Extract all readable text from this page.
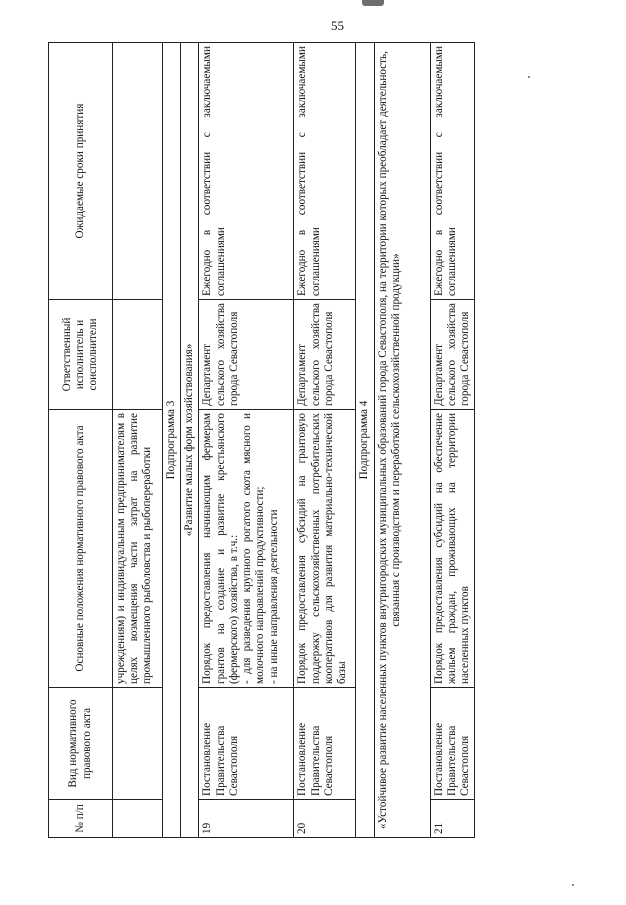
55
№ п/п	Вид нормативного правового акта	Основные положения нормативного правового акта	Ответственный исполнитель и соисполнители	Ожидаемые сроки принятия
		учреждениям) и индивидуальным предпринимателям в целях возмещения части затрат на развитие промышленного рыболовства и рыбопереработки		
Подпрограмма 3				
«Развитие малых форм хозяйствования»				
19	Постановление Правительства Севастополя	Порядок предоставления начинающим фермерам грантов на создание и развитие крестьянского (фермерского) хозяйства, в т.ч.: - для разведения крупного рогатого скота мясного и молочного направлений продуктивности; - на иные направления деятельности	Департамент сельского хозяйства города Севастополя	Ежегодно в соответствии с заключаемыми соглашениями
20	Постановление Правительства Севастополя	Порядок предоставления субсидий на грантовую поддержку сельскохозяйственных потребительских кооперативов для развития материально-технической базы	Департамент сельского хозяйства города Севастополя	Ежегодно в соответствии с заключаемыми соглашениями
Подпрограмма 4				
«Устойчивое развитие населенных пунктов внутригородских муниципальных образований города Севастополя, на территории которых преобладает деятельность, связанная с производством и переработкой сельскохозяйственной продукции»				
21	Постановление Правительства Севастополя	Порядок предоставления субсидий на обеспечение жильем граждан, проживающих на территории населенных пунктов	Департамент сельского хозяйства города Севастополя	Ежегодно в соответствии с заключаемыми соглашениями
